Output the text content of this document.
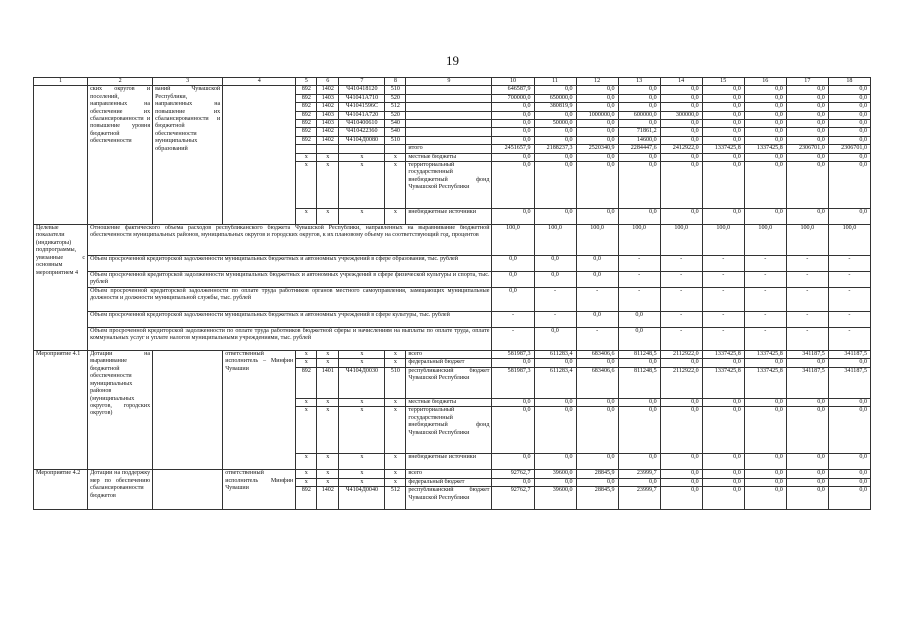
19
1	2	3	4	5	6	7	8	9	10	11	12	13	14	15	16	17	18
	ских округов и поселений, направленных на обеспечение их сбалансированности и повышение уровня бюджетной обеспеченности	ваний Чувашской Республики, направленных на повышение их сбалансированности и бюджетной обеспеченности муниципальных образований		892	1402	Ч410418120	510		646587,9	0,0	0,0	0,0	0,0	0,0	0,0	0,0	0,0
				892	1403	Ч41041А710	520		700000,0	650000,0	0,0	0,0	0,0	0,0	0,0	0,0	0,0
				892	1402	Ч41041596С	512		0,0	380819,9	0,0	0,0	0,0	0,0	0,0	0,0	0,0
				892	1403	Ч41041А720	520		0,0	0,0	1000000,0	600000,0	300000,0	0,0	0,0	0,0	0,0
				892	1403	Ч410400610	540		0,0	50000,0	0,0	0,0	0,0	0,0	0,0	0,0	0,0
				892	1402	Ч410422360	540		0,0	0,0	0,0	71861,2	0,0	0,0	0,0	0,0	0,0
				892	1402	Ч4104Д0080	510		0,0	0,0	0,0	14600,0	0,0	0,0	0,0	0,0	0,0
								итого	2451657,9	2188237,3	2520340,9	2284447,6	2412922,0	1337425,8	1337425,8	2306701,0	2306701,0
				x	x	x	x	местные бюджеты	0,0	0,0	0,0	0,0	0,0	0,0	0,0	0,0	0,0
				x	x	x	x	территориальный государственный внебюджетный фонд Чувашской Республики	0,0	0,0	0,0	0,0	0,0	0,0	0,0	0,0	0,0
				x	x	x	x	внебюджетные источники	0,0	0,0	0,0	0,0	0,0	0,0	0,0	0,0	0,0
Целевые показатели (индикаторы) подпрограммы, увязанные с основным мероприятием 4	Отношение фактического объема расходов республиканского бюджета Чувашской Республики, направленных на выравнивание бюджетной обеспеченности муниципальных районов, муниципальных округов и городских округов, к их плановому объему на соответствующий год, процентов								100,0	100,0	100,0	100,0	100,0	100,0	100,0	100,0	100,0
	Объем просроченной кредиторской задолженности муниципальных бюджетных и автономных учреждений в сфере образования, тыс. рублей								0,0	0,0	0,0	-	-	-	-	-	-
	Объем просроченной кредиторской задолженности муниципальных бюджетных и автономных учреждений в сфере физической культуры и спорта, тыс. рублей								0,0	0,0	0,0	-	-	-	-	-	-
	Объем просроченной кредиторской задолженности по оплате труда работников органов местного самоуправления, замещающих муниципальные должности и должности муниципальной службы, тыс. рублей								0,0	-	-	-	-	-	-	-	-
	Объем просроченной кредиторской задолженности муниципальных бюджетных и автономных учреждений в сфере культуры, тыс. рублей								-	-	0,0	0,0	-	-	-	-	-
	Объем просроченной кредиторской задолженности по оплате труда работников бюджетной сферы и начислениям на выплаты по оплате труда, оплате коммунальных услуг и уплате налогов муниципальными учреждениями, тыс. рублей								-	0,0	-	0,0	-	-	-	-	-
Мероприятие 4.1	Дотации на выравнивание бюджетной обеспеченности муниципальных районов (муниципальных округов, городских округов)		ответственный исполнитель – Минфин Чувашии	x	x	x	x	всего	581987,3	611283,4	683406,6	811248,5	2112922,0	1337425,8	1337425,8	341187,5	341187,5
				x	x	x	x	федеральный бюджет	0,0	0,0	0,0	0,0	0,0	0,0	0,0	0,0	0,0
				892	1401	Ч4104Д0030	510	республиканский бюджет Чувашской Республики	581987,3	611283,4	683406,6	811248,5	2112922,0	1337425,8	1337425,8	341187,5	341187,5
				x	x	x	x	местные бюджеты	0,0	0,0	0,0	0,0	0,0	0,0	0,0	0,0	0,0
				x	x	x	x	территориальный государственный внебюджетный фонд Чувашской Республики	0,0	0,0	0,0	0,0	0,0	0,0	0,0	0,0	0,0
				x	x	x	x	внебюджетные источники	0,0	0,0	0,0	0,0	0,0	0,0	0,0	0,0	0,0
Мероприятие 4.2	Дотации на поддержку мер по обеспечению сбалансированности бюджетов		ответственный исполнитель Минфин Чувашии	x	x	x	x	всего	92762,7	39600,0	28845,9	23999,7	0,0	0,0	0,0	0,0	0,0
				x	x	x	x	федеральный бюджет	0,0	0,0	0,0	0,0	0,0	0,0	0,0	0,0	0,0
				892	1402	Ч4104Д0040	512	республиканский бюджет Чувашской Республики	92762,7	39600,0	28845,9	23999,7	0,0	0,0	0,0	0,0	0,0
